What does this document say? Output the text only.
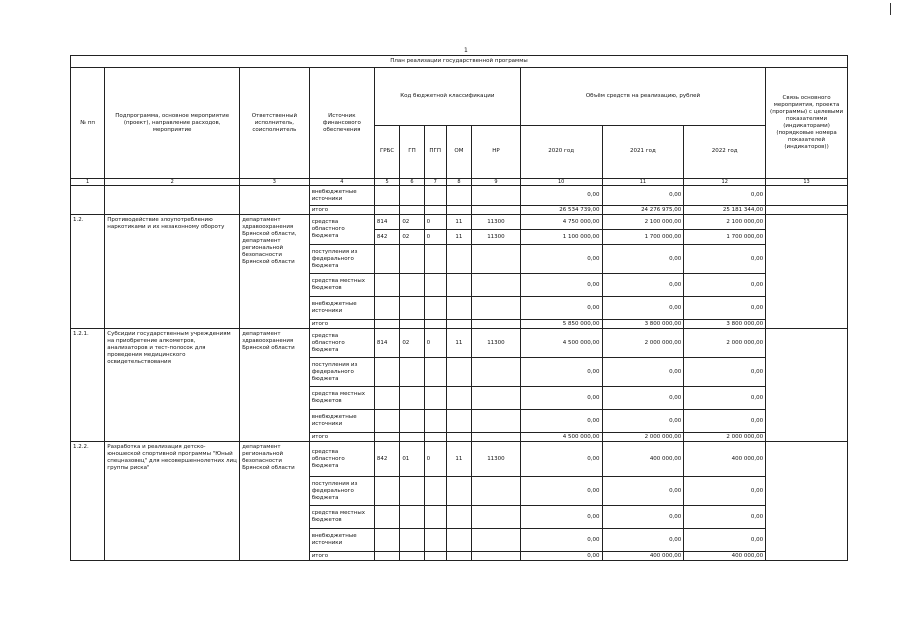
1
План реализации государственной программы												
№ пп	Подпрограмма, основное мероприятие (проект), направление расходов, мероприятие	Ответственный исполнитель, соисполнитель	Источник финансового обеспечения	Код бюджетной классификации					Объём средств на реализацию, рублей			Связь основного мероприятия, проекта (программы) с целевыми показателями (индикаторами) (порядковые номера показателей (индикаторов))
				ГРБС	ГП	ПГП	ОМ	НР	2020 год	2021 год	2022 год	
1	2	3	4	5	6	7	8	9	10	11	12	13
			внебюджетные источники						0,00	0,00	0,00	
			итого						26 534 739,00	24 276 975,00	25 181 344,00	
1.2.	Противодействие злоупотреблению наркотиками и их незаконному обороту	департамент здравоохранения Брянской области, департамент региональной безопасности Брянской области	средства областного бюджета	814	02	0	11	11300	4 750 000,00	2 100 000,00	2 100 000,00	
				842	02	0	11	11300	1 100 000,00	1 700 000,00	1 700 000,00	
			поступления из федерального бюджета						0,00	0,00	0,00	
			средства местных бюджетов						0,00	0,00	0,00	
			внебюджетные источники						0,00	0,00	0,00	
			итого						5 850 000,00	3 800 000,00	3 800 000,00	
1.2.1.	Субсидии государственным учреждениям на приобретение алкометров, анализаторов и тест-полосок для проведения медицинского освидетельствования	департамент здравоохранения Брянской области	средства областного бюджета	814	02	0	11	11300	4 500 000,00	2 000 000,00	2 000 000,00	
			поступления из федерального бюджета						0,00	0,00	0,00	
			средства местных бюджетов						0,00	0,00	0,00	
			внебюджетные источники						0,00	0,00	0,00	
			итого						4 500 000,00	2 000 000,00	2 000 000,00	
1.2.2.	Разработка и реализация детско-юношеской спортивной программы "Юный спецназовец" для несовершеннолетних лиц группы риска"	департамент региональной безопасности Брянской области	средства областного бюджета	842	01	0	11	11300	0,00	400 000,00	400 000,00	
			поступления из федерального бюджета						0,00	0,00	0,00	
			средства местных бюджетов						0,00	0,00	0,00	
			внебюджетные источники						0,00	0,00	0,00	
			итого						0,00	400 000,00	400 000,00	
